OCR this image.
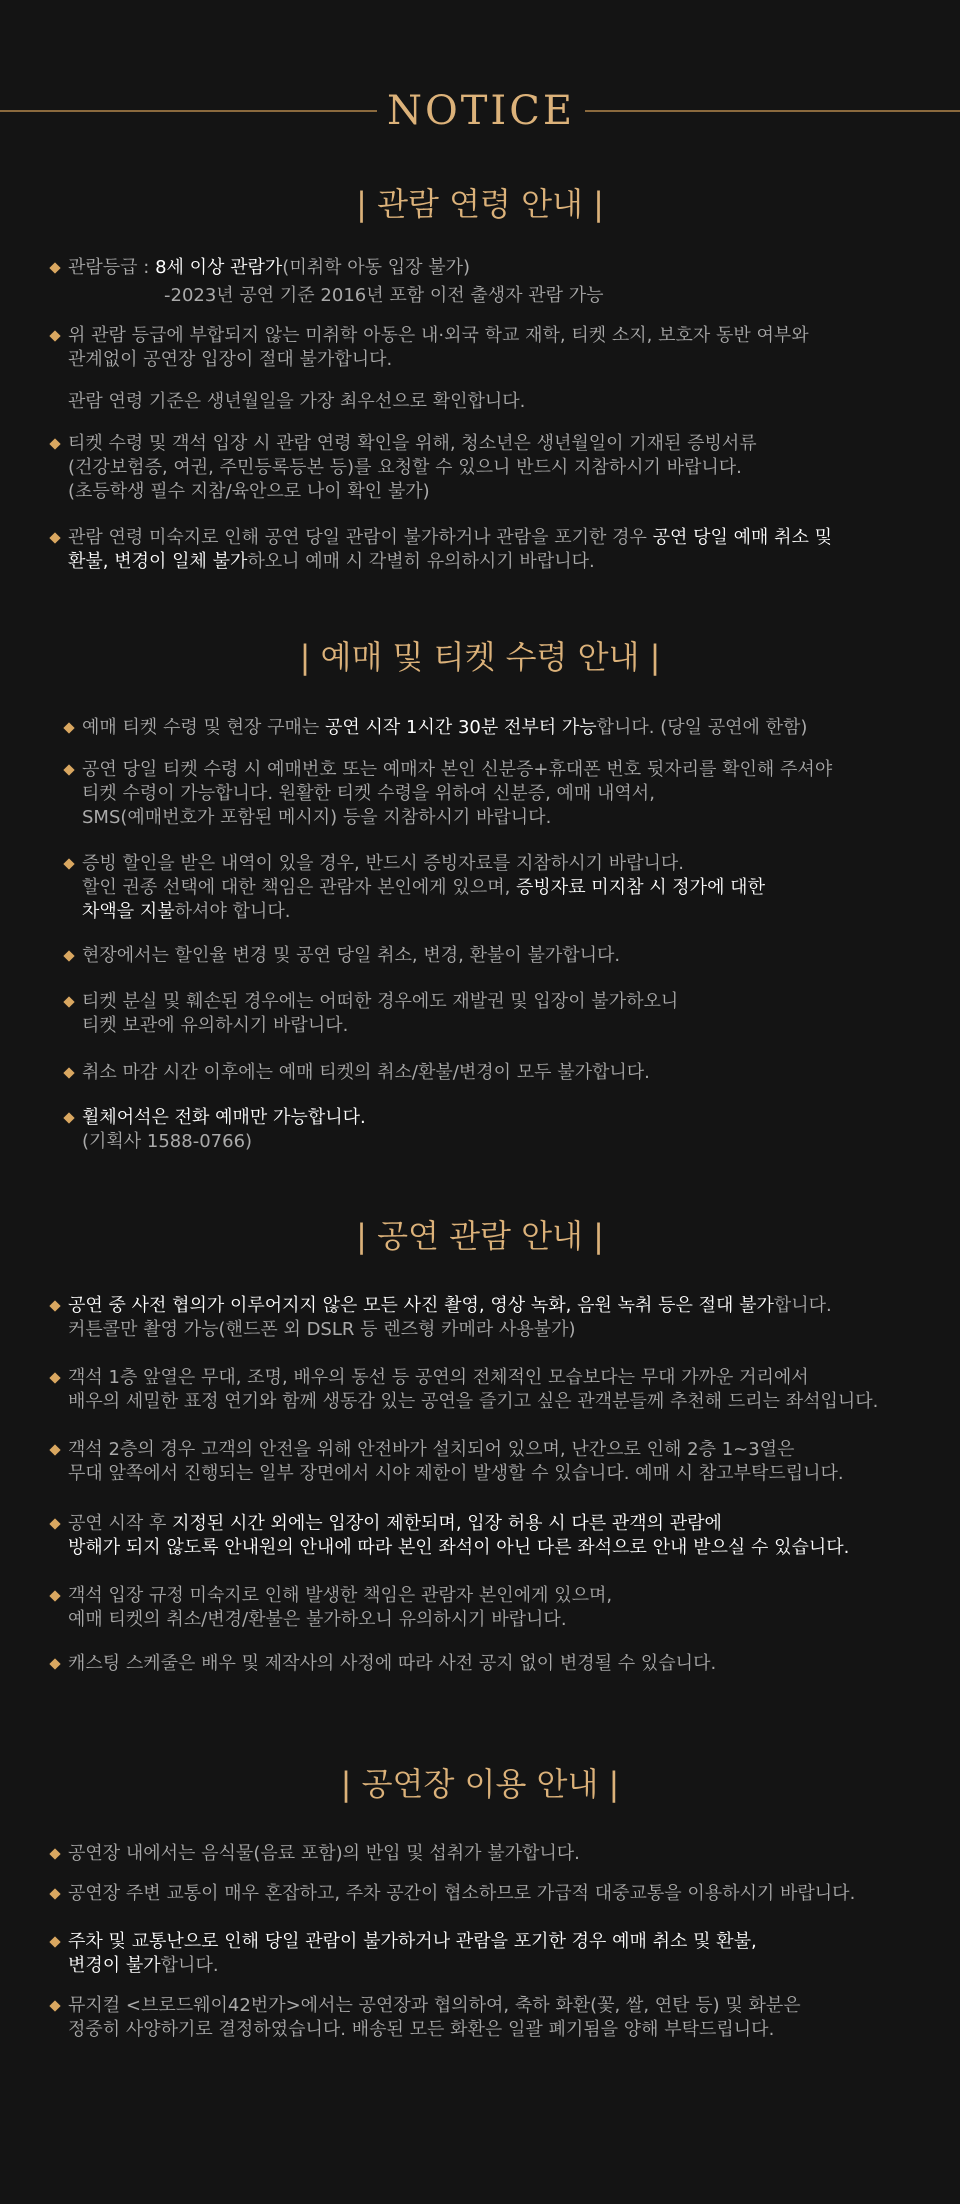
NOTICE
| 관람 연령 안내 |
관람등급 : 8세 이상 관람가(미취학 아동 입장 불가)
위 관람 등급에 부합되지 않는 미취학 아동은 내·외국 학교 재학, 티켓 소지, 보호자 동반 여부와
관계없이 공연장 입장이 절대 불가합니다.
티켓 수령 및 객석 입장 시 관람 연령 확인을 위해, 청소년은 생년월일이 기재된 증빙서류
(건강보험증, 여권, 주민등록등본 등)를 요청할 수 있으니 반드시 지참하시기 바랍니다.
(초등학생 필수 지참/육안으로 나이 확인 불가)
관람 연령 미숙지로 인해 공연 당일 관람이 불가하거나 관람을 포기한 경우 공연 당일 예매 취소 및
환불, 변경이 일체 불가하오니 예매 시 각별히 유의하시기 바랍니다.
| 예매 및 티켓 수령 안내 |
예매 티켓 수령 및 현장 구매는 공연 시작 1시간 30분 전부터 가능합니다. (당일 공연에 한함)
공연 당일 티켓 수령 시 예매번호 또는 예매자 본인 신분증+휴대폰 번호 뒷자리를 확인해 주셔야
티켓 수령이 가능합니다. 원활한 티켓 수령을 위하여 신분증, 예매 내역서,
SMS(예매번호가 포함된 메시지) 등을 지참하시기 바랍니다.
증빙 할인을 받은 내역이 있을 경우, 반드시 증빙자료를 지참하시기 바랍니다.
할인 권종 선택에 대한 책임은 관람자 본인에게 있으며, 증빙자료 미지참 시 정가에 대한
차액을 지불하셔야 합니다.
현장에서는 할인율 변경 및 공연 당일 취소, 변경, 환불이 불가합니다.
티켓 분실 및 훼손된 경우에는 어떠한 경우에도 재발권 및 입장이 불가하오니
티켓 보관에 유의하시기 바랍니다.
취소 마감 시간 이후에는 예매 티켓의 취소/환불/변경이 모두 불가합니다.
휠체어석은 전화 예매만 가능합니다.
(기획사 1588-0766)
| 공연 관람 안내 |
공연 중 사전 협의가 이루어지지 않은 모든 사진 촬영, 영상 녹화, 음원 녹취 등은 절대 불가합니다.
커튼콜만 촬영 가능(핸드폰 외 DSLR 등 렌즈형 카메라 사용불가)
객석 1층 앞열은 무대, 조명, 배우의 동선 등 공연의 전체적인 모습보다는 무대 가까운 거리에서
배우의 세밀한 표정 연기와 함께 생동감 있는 공연을 즐기고 싶은 관객분들께 추천해 드리는 좌석입니다.
객석 2층의 경우 고객의 안전을 위해 안전바가 설치되어 있으며, 난간으로 인해 2층 1~3열은
무대 앞쪽에서 진행되는 일부 장면에서 시야 제한이 발생할 수 있습니다. 예매 시 참고부탁드립니다.
공연 시작 후 지정된 시간 외에는 입장이 제한되며, 입장 허용 시 다른 관객의 관람에
방해가 되지 않도록 안내원의 안내에 따라 본인 좌석이 아닌 다른 좌석으로 안내 받으실 수 있습니다.
객석 입장 규정 미숙지로 인해 발생한 책임은 관람자 본인에게 있으며,
예매 티켓의 취소/변경/환불은 불가하오니 유의하시기 바랍니다.
캐스팅 스케줄은 배우 및 제작사의 사정에 따라 사전 공지 없이 변경될 수 있습니다.
| 공연장 이용 안내 |
공연장 내에서는 음식물(음료 포함)의 반입 및 섭취가 불가합니다.
공연장 주변 교통이 매우 혼잡하고, 주차 공간이 협소하므로 가급적 대중교통을 이용하시기 바랍니다.
주차 및 교통난으로 인해 당일 관람이 불가하거나 관람을 포기한 경우 예매 취소 및 환불,
변경이 불가합니다.
뮤지컬 <브로드웨이42번가>에서는 공연장과 협의하여, 축하 화환(꽃, 쌀, 연탄 등) 및 화분은
정중히 사양하기로 결정하였습니다. 배송된 모든 화환은 일괄 폐기됨을 양해 부탁드립니다.
-2023년 공연 기준 2016년 포함 이전 출생자 관람 가능
관람 연령 기준은 생년월일을 가장 최우선으로 확인합니다.
